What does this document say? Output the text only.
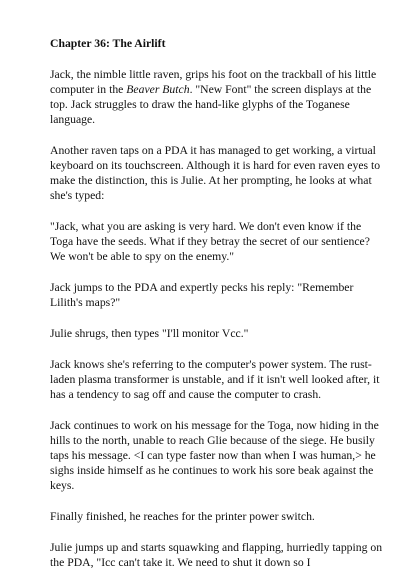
Chapter 36: The Airlift

Jack, the nimble little raven, grips his foot on the trackball of his little computer in the Beaver Butch. "New Font" the screen displays at the top. Jack struggles to draw the hand-like glyphs of the Toganese language.

Another raven taps on a PDA it has managed to get working, a virtual keyboard on its touchscreen. Although it is hard for even raven eyes to make the distinction, this is Julie. At her prompting, he looks at what she's typed:

"Jack, what you are asking is very hard. We don't even know if the Toga have the seeds. What if they betray the secret of our sentience? We won't be able to spy on the enemy."

Jack jumps to the PDA and expertly pecks his reply: "Remember Lilith's maps?"

Julie shrugs, then types "I'll monitor Vcc."

Jack knows she's referring to the computer's power system. The rust-laden plasma transformer is unstable, and if it isn't well looked after, it has a tendency to sag off and cause the computer to crash.

Jack continues to work on his message for the Toga, now hiding in the hills to the north, unable to reach Glie because of the siege. He busily taps his message. <I can type faster now than when I was human,> he sighs inside himself as he continues to work his sore beak against the keys.

Finally finished, he reaches for the printer power switch.

Julie jumps up and starts squawking and flapping, hurriedly tapping on the PDA, "Icc can't take it. We need to shut it down so I
